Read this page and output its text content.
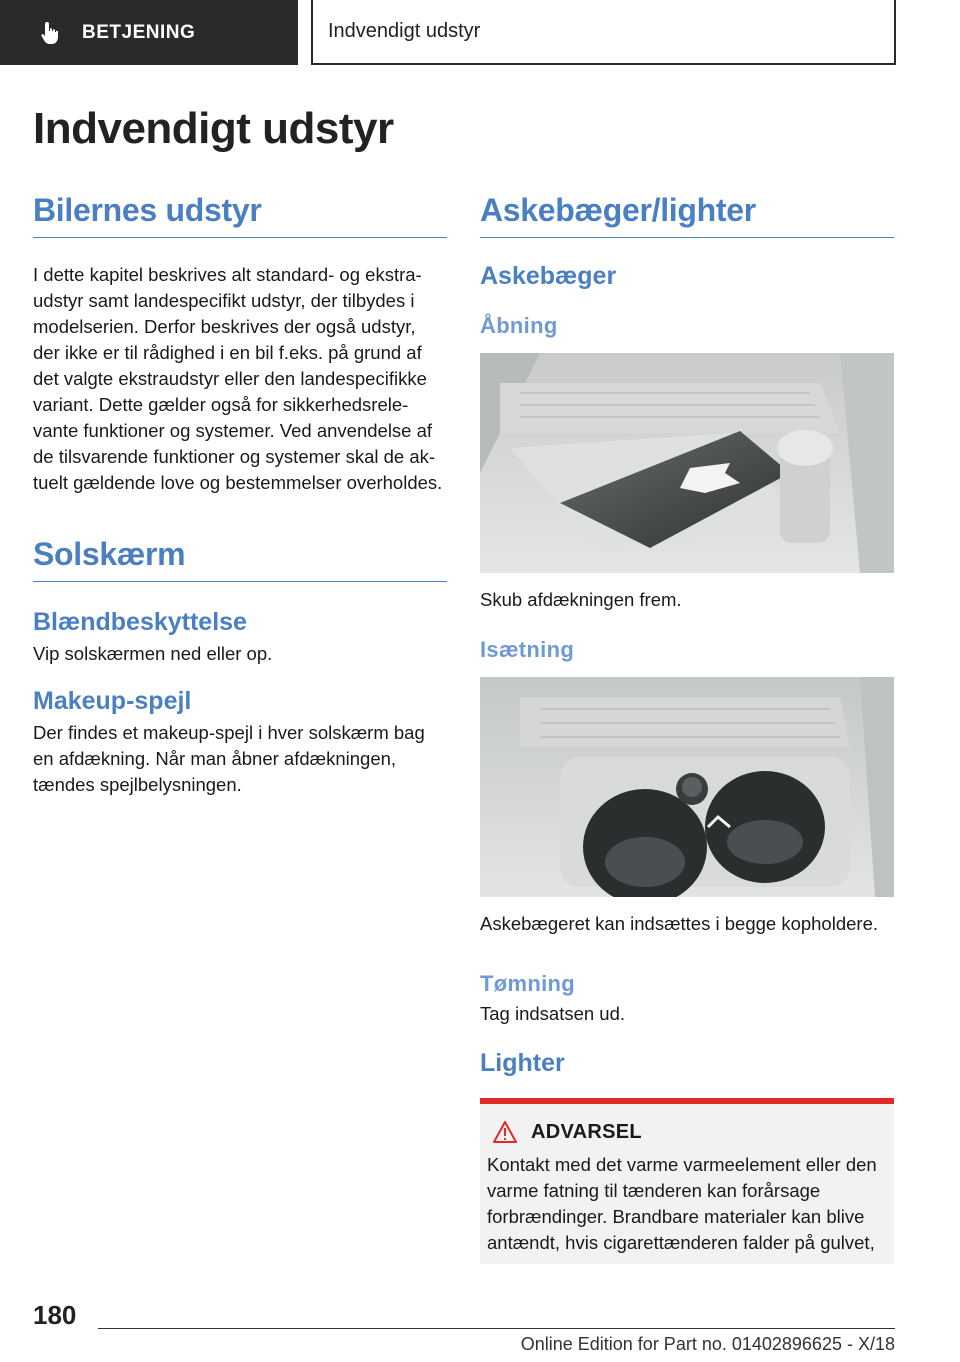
BETJENING	Indvendigt udstyr
Indvendigt udstyr
Bilernes udstyr
I dette kapitel beskrives alt standard- og ekstraudstyr samt landespecifikt udstyr, der tilbydes i modelserien. Derfor beskrives der også udstyr, der ikke er til rådighed i en bil f.eks. på grund af det valgte ekstraudstyr eller den landespecifikke variant. Dette gælder også for sikkerhedsrelevante funktioner og systemer. Ved anvendelse af de tilsvarende funktioner og systemer skal de aktuelt gældende love og bestemmelser overholdes.
Solskærm
Blændbeskyttelse
Vip solskærmen ned eller op.
Makeup-spejl
Der findes et makeup-spejl i hver solskærm bag en afdækning. Når man åbner afdækningen, tændes spejlbelysningen.
Askebæger/lighter
Askebæger
Åbning
Skub afdækningen frem.
Isætning
Askebægeret kan indsættes i begge kopholdere.
Tømning
Tag indsatsen ud.
Lighter
ADVARSEL
Kontakt med det varme varmeelement eller den varme fatning til tænderen kan forårsage forbrændinger. Brandbare materialer kan blive antændt, hvis cigarettænderen falder på gulvet,
180
Online Edition for Part no. 01402896625 - X/18
